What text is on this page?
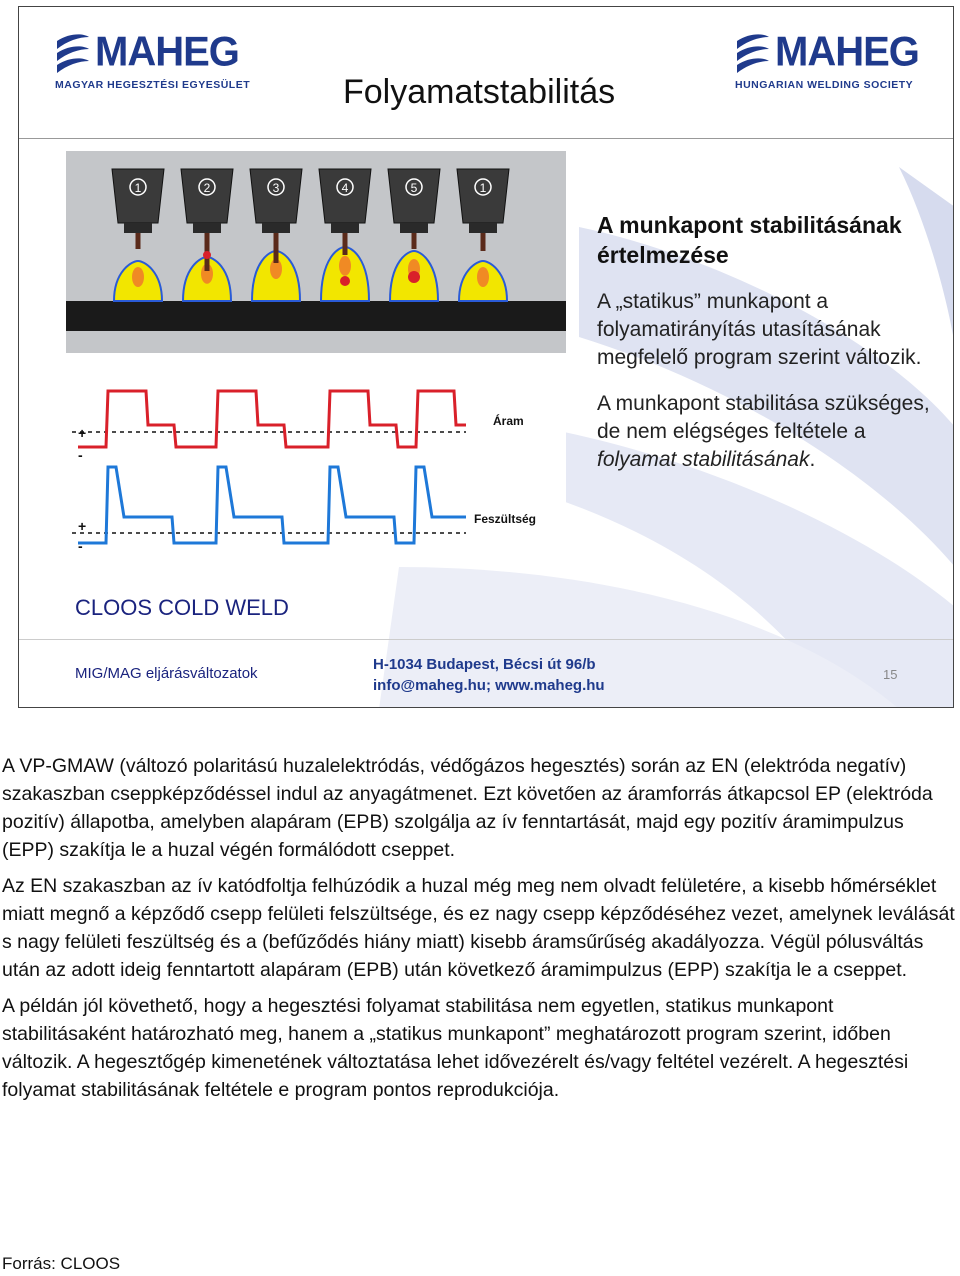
MAHEG
MAGYAR HEGESZTÉSI EGYESÜLET
MAHEG
HUNGARIAN WELDING SOCIETY
Folyamatstabilitás
1	2	3	4	5	1
+
-
Áram
+
-
Feszültség
A munkapont stabilitásának értelmezése

A „statikus” munkapont a folyamatirányítás utasításának megfelelő program szerint változik.

A munkapont stabilitása szükséges, de nem elégséges feltétele a folyamat stabilitásának.

CLOOS COLD WELD
MIG/MAG eljárásváltozatok
H-1034 Budapest, Bécsi út 96/b
info@maheg.hu; www.maheg.hu
15

A VP-GMAW (változó polaritású huzalelektródás, védőgázos hegesztés) során az EN (elektróda negatív) szakaszban cseppképződéssel indul az anyagátmenet. Ezt követően az áramforrás átkapcsol EP (elektróda pozitív) állapotba, amelyben alapáram (EPB) szolgálja az ív fenntartását, majd egy pozitív áramimpulzus (EPP) szakítja le a huzal végén formálódott cseppet.

Az EN szakaszban az ív katódfoltja felhúzódik a huzal még meg nem olvadt felületére, a kisebb hőmérséklet miatt megnő a képződő csepp felületi felszültsége, és ez nagy csepp képződéséhez vezet, amelynek leválását s nagy felületi feszültség és a (befűződés hiány miatt) kisebb áramsűrűség akadályozza. Végül pólusváltás után az adott ideig fenntartott alapáram (EPB) után következő áramimpulzus (EPP) szakítja le a cseppet.

A példán jól követhető, hogy a hegesztési folyamat stabilitása nem egyetlen, statikus munkapont stabilitásaként határozható meg, hanem a „statikus munkapont” meghatározott program szerint, időben változik. A hegesztőgép kimenetének változtatása lehet idővezérelt és/vagy feltétel vezérelt. A hegesztési folyamat stabilitásának feltétele e program pontos reprodukciója.

Forrás: CLOOS
